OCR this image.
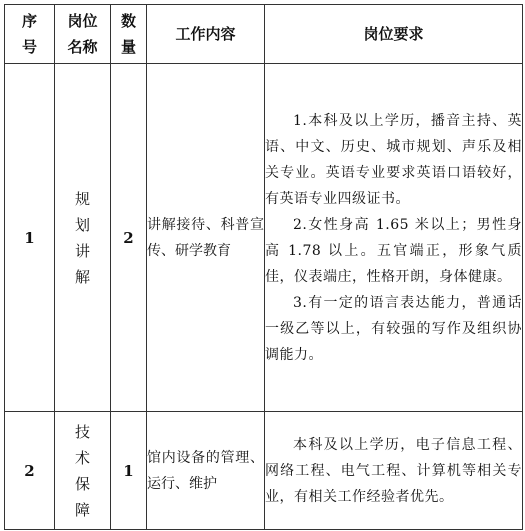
序号	岗位名称	数量	工作内容	岗位要求
1	规划讲解	2	讲解接待、科普宣传、研学教育	1.本科及以上学历，播音主持、英语、中文、历史、城市规划、声乐及相关专业。英语专业要求英语口语较好，有英语专业四级证书。

2.女性身高 1.65 米以上；男性身高 1.78 以上。五官端正，形象气质佳，仪表端庄，性格开朗，身体健康。

3.有一定的语言表达能力，普通话一级乙等以上，有较强的写作及组织协调能力。

2	技术保障	1	馆内设备的管理、运行、维护	本科及以上学历，电子信息工程、网络工程、电气工程、计算机等相关专业，有相关工作经验者优先。
